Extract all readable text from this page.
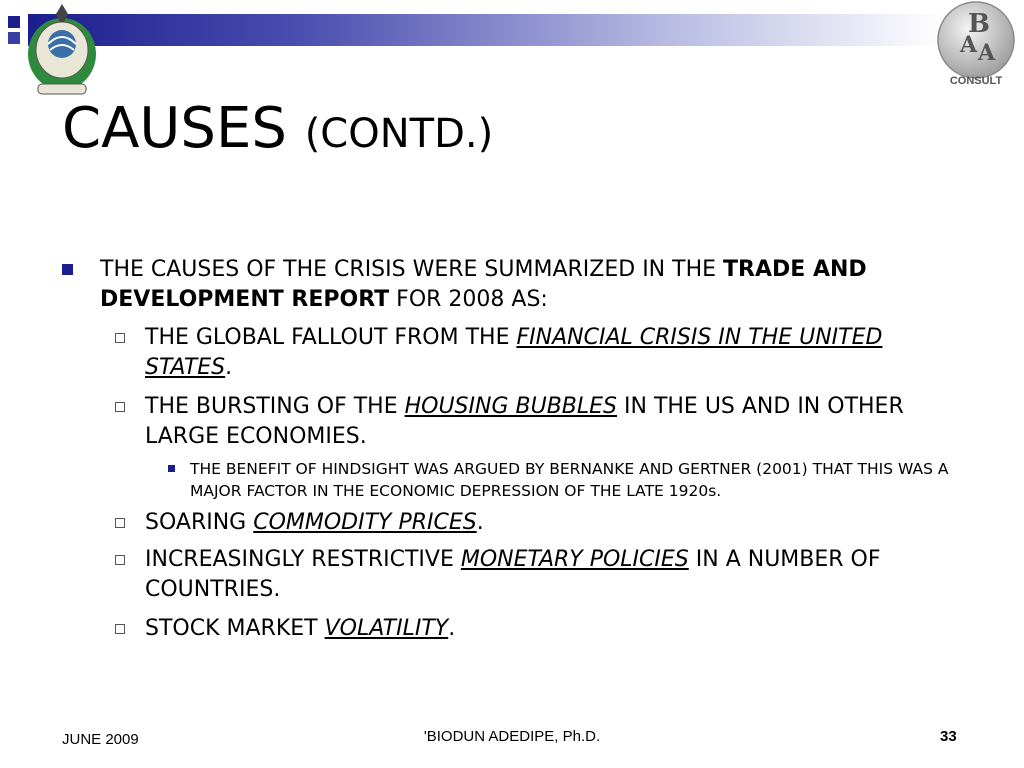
B
A A
CONSULT
CAUSES (CONTD.)
THE CAUSES OF THE CRISIS WERE SUMMARIZED IN THE TRADE AND DEVELOPMENT REPORT FOR 2008 AS:
THE GLOBAL FALLOUT FROM THE FINANCIAL CRISIS IN THE UNITED STATES.
THE BURSTING OF THE HOUSING BUBBLES IN THE US AND IN OTHER LARGE ECONOMIES.
THE BENEFIT OF HINDSIGHT WAS ARGUED BY BERNANKE AND GERTNER (2001) THAT THIS WAS A MAJOR FACTOR IN THE ECONOMIC DEPRESSION OF THE LATE 1920s.
SOARING COMMODITY PRICES.
INCREASINGLY RESTRICTIVE MONETARY POLICIES IN A NUMBER OF COUNTRIES.
STOCK MARKET VOLATILITY.
JUNE 2009	'BIODUN ADEDIPE, Ph.D.	33
